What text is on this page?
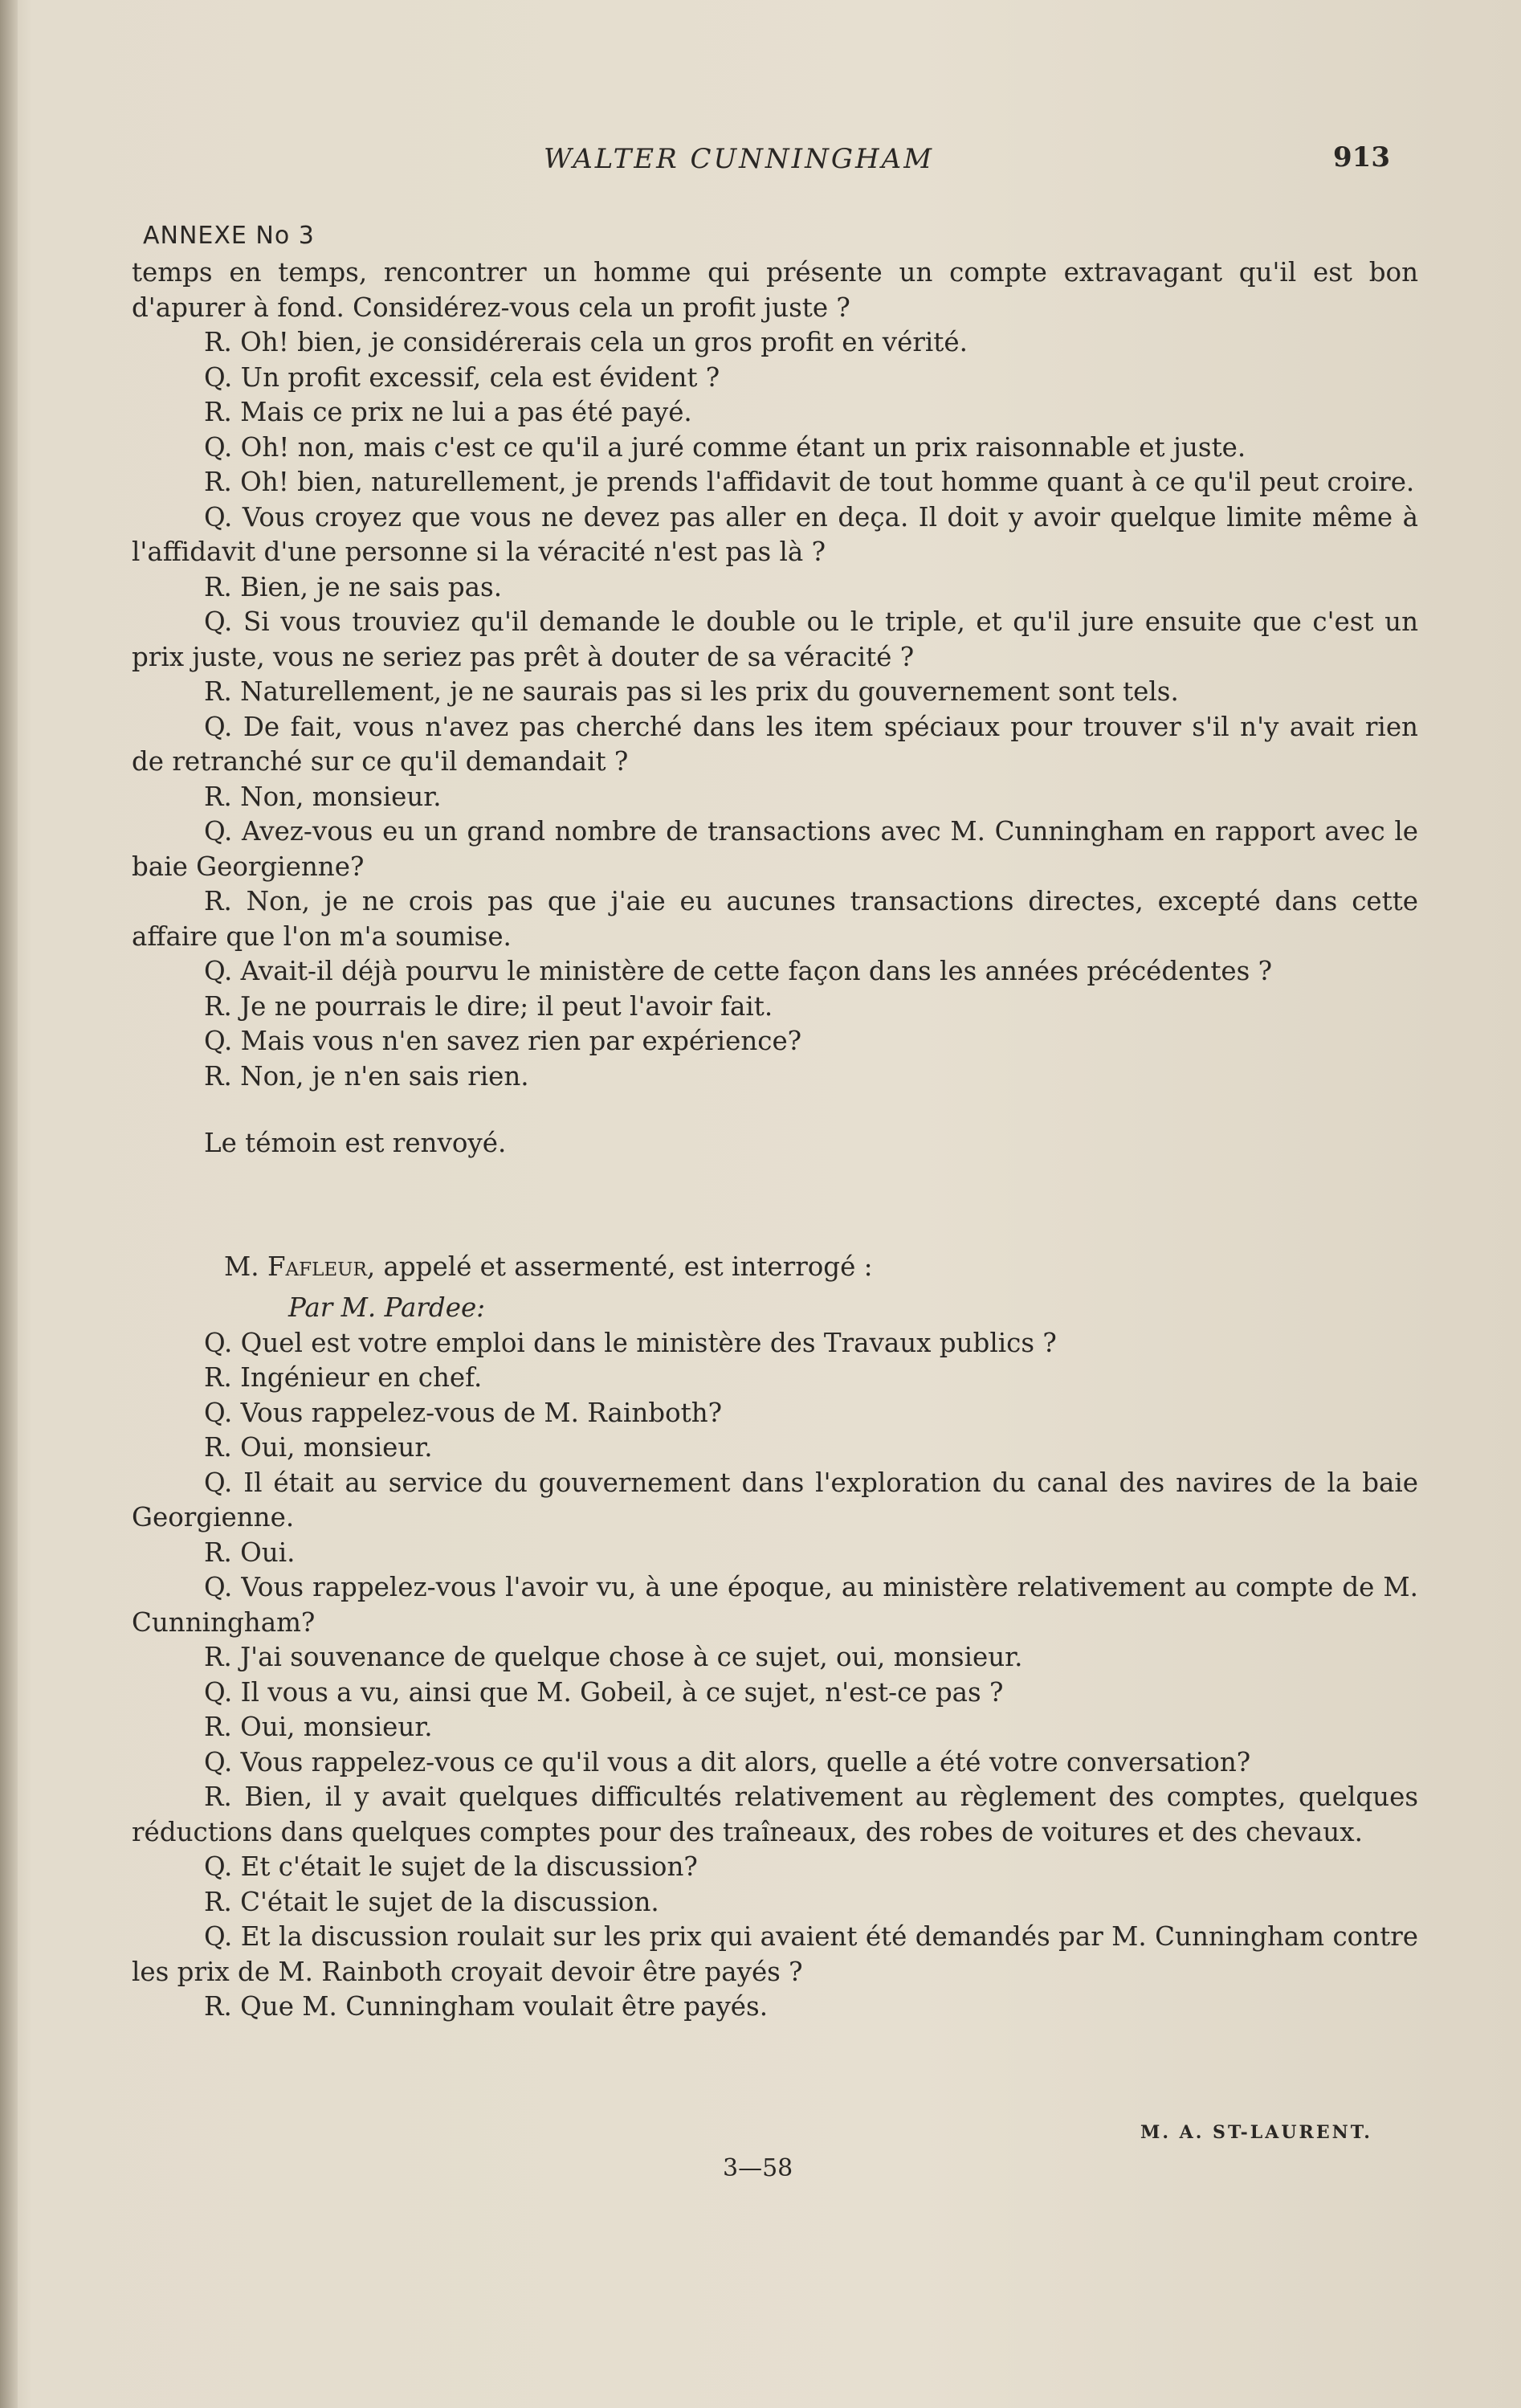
WALTER CUNNINGHAM	913
ANNEXE No 3

temps en temps, rencontrer un homme qui présente un compte extravagant qu'il est bon d'apurer à fond. Considérez-vous cela un profit juste ?

R. Oh! bien, je considérerais cela un gros profit en vérité.

Q. Un profit excessif, cela est évident ?

R. Mais ce prix ne lui a pas été payé.

Q. Oh! non, mais c'est ce qu'il a juré comme étant un prix raisonnable et juste.

R. Oh! bien, naturellement, je prends l'affidavit de tout homme quant à ce qu'il peut croire.

Q. Vous croyez que vous ne devez pas aller en deça. Il doit y avoir quelque limite même à l'affidavit d'une personne si la véracité n'est pas là ?

R. Bien, je ne sais pas.

Q. Si vous trouviez qu'il demande le double ou le triple, et qu'il jure ensuite que c'est un prix juste, vous ne seriez pas prêt à douter de sa véracité ?

R. Naturellement, je ne saurais pas si les prix du gouvernement sont tels.

Q. De fait, vous n'avez pas cherché dans les item spéciaux pour trouver s'il n'y avait rien de retranché sur ce qu'il demandait ?

R. Non, monsieur.

Q. Avez-vous eu un grand nombre de transactions avec M. Cunningham en rapport avec le baie Georgienne?

R. Non, je ne crois pas que j'aie eu aucunes transactions directes, excepté dans cette affaire que l'on m'a soumise.

Q. Avait-il déjà pourvu le ministère de cette façon dans les années précédentes ?

R. Je ne pourrais le dire; il peut l'avoir fait.

Q. Mais vous n'en savez rien par expérience?

R. Non, je n'en sais rien.

Le témoin est renvoyé.

M. Fafleur, appelé et assermenté, est interrogé :

Par M. Pardee:

Q. Quel est votre emploi dans le ministère des Travaux publics ?

R. Ingénieur en chef.

Q. Vous rappelez-vous de M. Rainboth?

R. Oui, monsieur.

Q. Il était au service du gouvernement dans l'exploration du canal des navires de la baie Georgienne.

R. Oui.

Q. Vous rappelez-vous l'avoir vu, à une époque, au ministère relativement au compte de M. Cunningham?

R. J'ai souvenance de quelque chose à ce sujet, oui, monsieur.

Q. Il vous a vu, ainsi que M. Gobeil, à ce sujet, n'est-ce pas ?

R. Oui, monsieur.

Q. Vous rappelez-vous ce qu'il vous a dit alors, quelle a été votre conversation?

R. Bien, il y avait quelques difficultés relativement au règlement des comptes, quelques réductions dans quelques comptes pour des traîneaux, des robes de voitures et des chevaux.

Q. Et c'était le sujet de la discussion?

R. C'était le sujet de la discussion.

Q. Et la discussion roulait sur les prix qui avaient été demandés par M. Cunningham contre les prix de M. Rainboth croyait devoir être payés ?

R. Que M. Cunningham voulait être payés.

M. A. ST-LAURENT.
3—58
